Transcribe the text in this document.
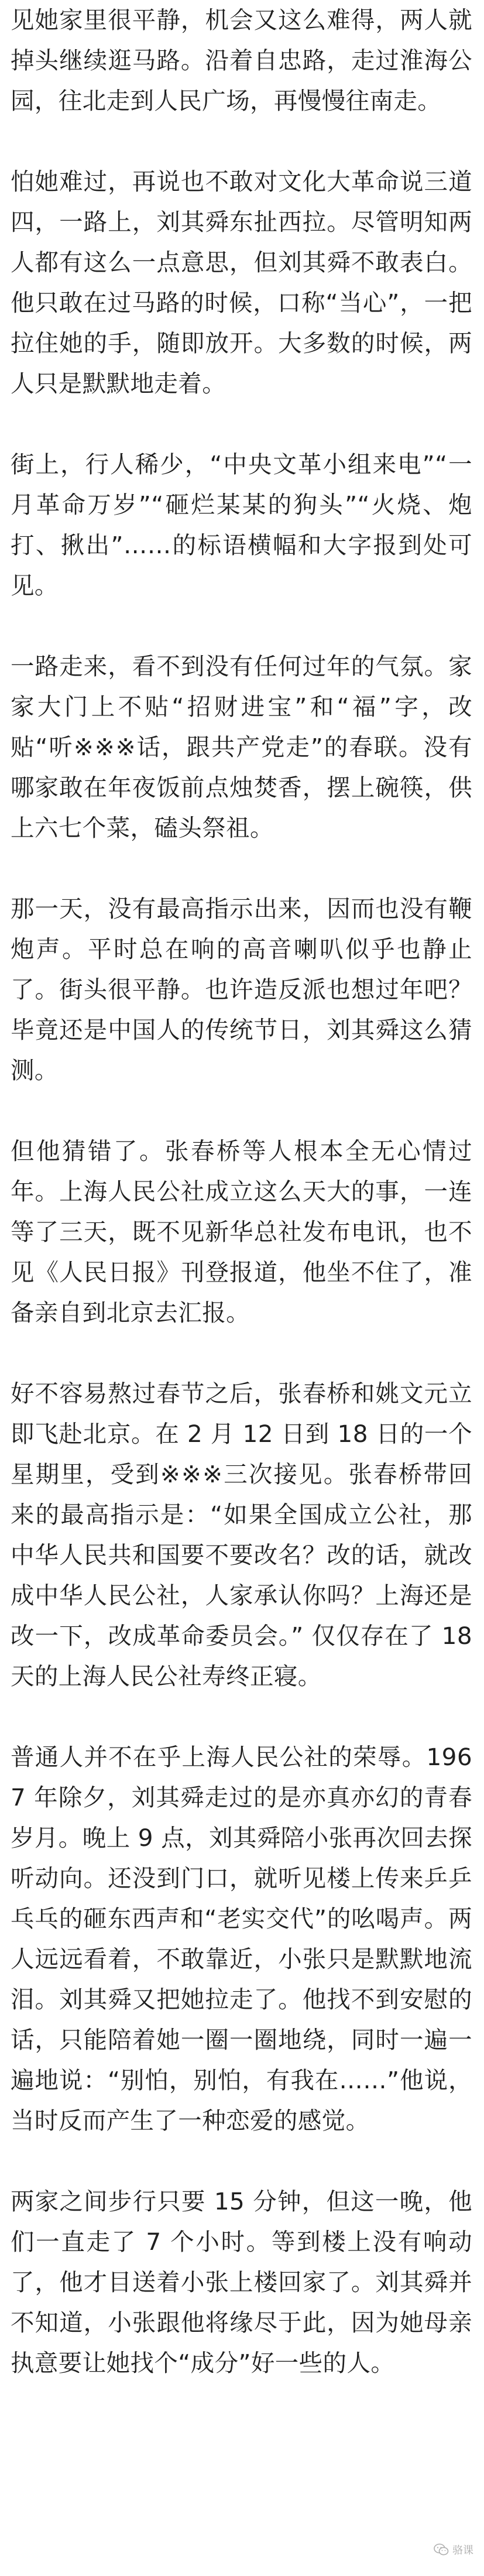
见她家里很平静，机会又这么难得，两人就掉头继续逛马路。沿着自忠路，走过淮海公园，往北走到人民广场，再慢慢往南走。

怕她难过，再说也不敢对文化大革命说三道四，一路上，刘其舜东扯西拉。尽管明知两人都有这么一点意思，但刘其舜不敢表白。他只敢在过马路的时候，口称“当心”，一把拉住她的手，随即放开。大多数的时候，两人只是默默地走着。

街上，行人稀少，“中央文革小组来电”“一月革命万岁”“砸烂某某的狗头”“火烧、炮打、揪出”……的标语横幅和大字报到处可见。

一路走来，看不到没有任何过年的气氛。家家大门上不贴“招财进宝”和“福”字，改贴“听※※※话，跟共产党走”的春联。没有哪家敢在年夜饭前点烛焚香，摆上碗筷，供上六七个菜，磕头祭祖。

那一天，没有最高指示出来，因而也没有鞭炮声。平时总在响的高音喇叭似乎也静止了。街头很平静。也许造反派也想过年吧？毕竟还是中国人的传统节日，刘其舜这么猜测。

但他猜错了。张春桥等人根本全无心情过年。上海人民公社成立这么天大的事，一连等了三天，既不见新华总社发布电讯，也不见《人民日报》刊登报道，他坐不住了，准备亲自到北京去汇报。

好不容易熬过春节之后，张春桥和姚文元立即飞赴北京。在 2 月 12 日到 18 日的一个星期里，受到※※※三次接见。张春桥带回来的最高指示是：“如果全国成立公社，那中华人民共和国要不要改名？改的话，就改成中华人民公社，人家承认你吗？上海还是改一下，改成革命委员会。” 仅仅存在了 18 天的上海人民公社寿终正寝。

普通人并不在乎上海人民公社的荣辱。1967 年除夕，刘其舜走过的是亦真亦幻的青春岁月。晚上 9 点，刘其舜陪小张再次回去探听动向。还没到门口，就听见楼上传来乒乒乓乓的砸东西声和“老实交代”的吆喝声。两人远远看着，不敢靠近，小张只是默默地流泪。刘其舜又把她拉走了。他找不到安慰的话，只能陪着她一圈一圈地绕，同时一遍一遍地说：“别怕，别怕，有我在……”他说，当时反而产生了一种恋爱的感觉。

两家之间步行只要 15 分钟，但这一晚，他们一直走了 7 个小时。等到楼上没有响动了，他才目送着小张上楼回家了。刘其舜并不知道，小张跟他将缘尽于此，因为她母亲执意要让她找个“成分”好一些的人。

骆课
